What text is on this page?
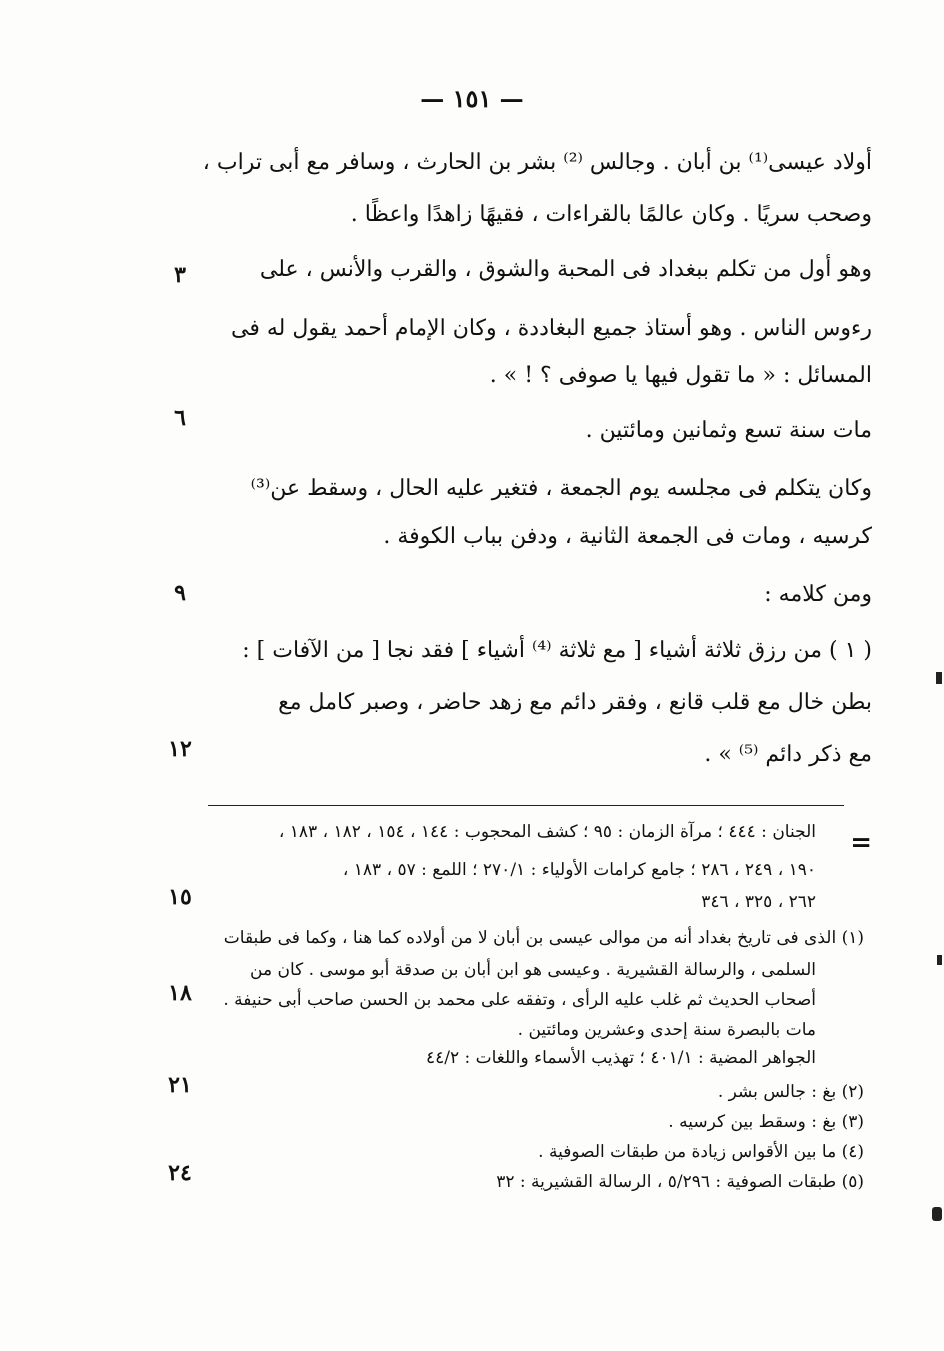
— ١٥١ —
أولاد عيسى⁽¹⁾ بن أبان . وجالس ⁽²⁾ بشر بن الحارث ، وسافر مع أبى تراب ،
وصحب سريًا . وكان عالمًا بالقراءات ، فقيهًا زاهدًا واعظًا .
وهو أول من تكلم ببغداد فى المحبة والشوق ، والقرب والأنس ، على
رءوس الناس . وهو أستاذ جميع البغاددة ، وكان الإمام أحمد يقول له فى
المسائل : « ما تقول فيها يا صوفى ؟ ! » .
مات سنة تسع وثمانين ومائتين .
وكان يتكلم فى مجلسه يوم الجمعة ، فتغير عليه الحال ، وسقط عن⁽³⁾
كرسيه ، ومات فى الجمعة الثانية ، ودفن بباب الكوفة .
ومن كلامه :
( ١ ) من رزق ثلاثة أشياء [ مع ثلاثة ⁽⁴⁾ أشياء ] فقد نجا [ من الآفات ] :
بطن خال مع قلب قانع ، وفقر دائم مع زهد حاضر ، وصبر كامل مع
مع ذكر دائم ⁽⁵⁾ » .
٣
٦
٩
١٢
١٥
١٨
٢١
٢٤
=
الجنان : ٤٤٤ ؛ مرآة الزمان : ٩٥ ؛ كشف المحجوب : ١٤٤ ، ١٥٤ ، ١٨٢ ، ١٨٣ ،
١٩٠ ، ٢٤٩ ، ٢٨٦ ؛ جامع كرامات الأولياء : ٢٧٠/١ ؛ اللمع : ٥٧ ، ١٨٣ ،
٢٦٢ ، ٣٢٥ ، ٣٤٦
(١) الذى فى تاريخ بغداد أنه من موالى عيسى بن أبان لا من أولاده كما هنا ، وكما فى طبقات
السلمى ، والرسالة القشيرية . وعيسى هو ابن أبان بن صدقة أبو موسى . كان من
أصحاب الحديث ثم غلب عليه الرأى ، وتفقه على محمد بن الحسن صاحب أبى حنيفة .
مات بالبصرة سنة إحدى وعشرين ومائتين .
الجواهر المضية : ٤٠١/١ ؛ تهذيب الأسماء واللغات : ٤٤/٢
(٢) بغ : جالس بشر .
(٣) بغ : وسقط بين كرسيه .
(٤) ما بين الأقواس زيادة من طبقات الصوفية .
(٥) طبقات الصوفية : ٥/٢٩٦ ، الرسالة القشيرية : ٣٢
